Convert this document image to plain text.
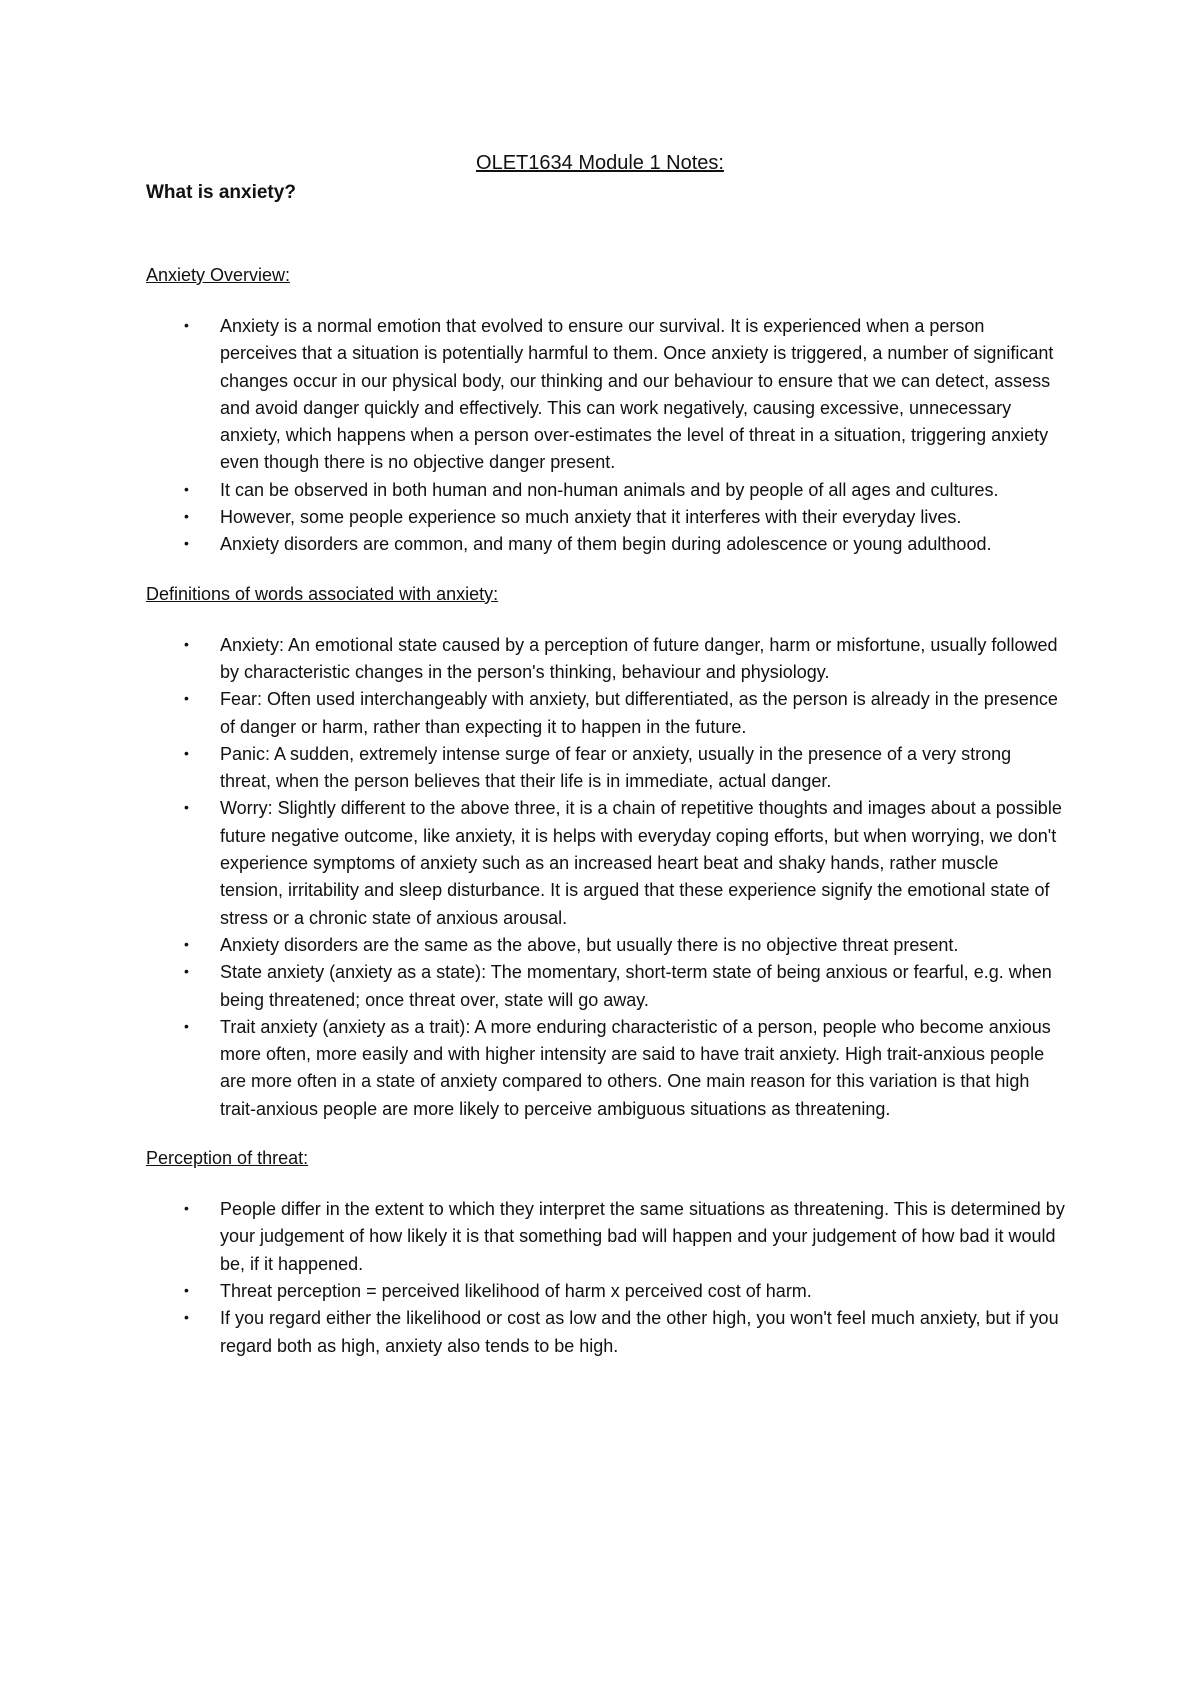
OLET1634 Module 1 Notes:
What is anxiety?
Anxiety Overview:
• Anxiety is a normal emotion that evolved to ensure our survival. It is experienced when a person perceives that a situation is potentially harmful to them. Once anxiety is triggered, a number of significant changes occur in our physical body, our thinking and our behaviour to ensure that we can detect, assess and avoid danger quickly and effectively. This can work negatively, causing excessive, unnecessary anxiety, which happens when a person over-estimates the level of threat in a situation, triggering anxiety even though there is no objective danger present.
• It can be observed in both human and non-human animals and by people of all ages and cultures.
• However, some people experience so much anxiety that it interferes with their everyday lives.
• Anxiety disorders are common, and many of them begin during adolescence or young adulthood.
Definitions of words associated with anxiety:
• Anxiety: An emotional state caused by a perception of future danger, harm or misfortune, usually followed by characteristic changes in the person's thinking, behaviour and physiology.
• Fear: Often used interchangeably with anxiety, but differentiated, as the person is already in the presence of danger or harm, rather than expecting it to happen in the future.
• Panic: A sudden, extremely intense surge of fear or anxiety, usually in the presence of a very strong threat, when the person believes that their life is in immediate, actual danger.
• Worry: Slightly different to the above three, it is a chain of repetitive thoughts and images about a possible future negative outcome, like anxiety, it is helps with everyday coping efforts, but when worrying, we don't experience symptoms of anxiety such as an increased heart beat and shaky hands, rather muscle tension, irritability and sleep disturbance. It is argued that these experience signify the emotional state of stress or a chronic state of anxious arousal.
• Anxiety disorders are the same as the above, but usually there is no objective threat present.
• State anxiety (anxiety as a state): The momentary, short-term state of being anxious or fearful, e.g. when being threatened; once threat over, state will go away.
• Trait anxiety (anxiety as a trait): A more enduring characteristic of a person, people who become anxious more often, more easily and with higher intensity are said to have trait anxiety. High trait-anxious people are more often in a state of anxiety compared to others. One main reason for this variation is that high trait-anxious people are more likely to perceive ambiguous situations as threatening.
Perception of threat:
• People differ in the extent to which they interpret the same situations as threatening. This is determined by your judgement of how likely it is that something bad will happen and your judgement of how bad it would be, if it happened.
• Threat perception = perceived likelihood of harm x perceived cost of harm.
• If you regard either the likelihood or cost as low and the other high, you won't feel much anxiety, but if you regard both as high, anxiety also tends to be high.
